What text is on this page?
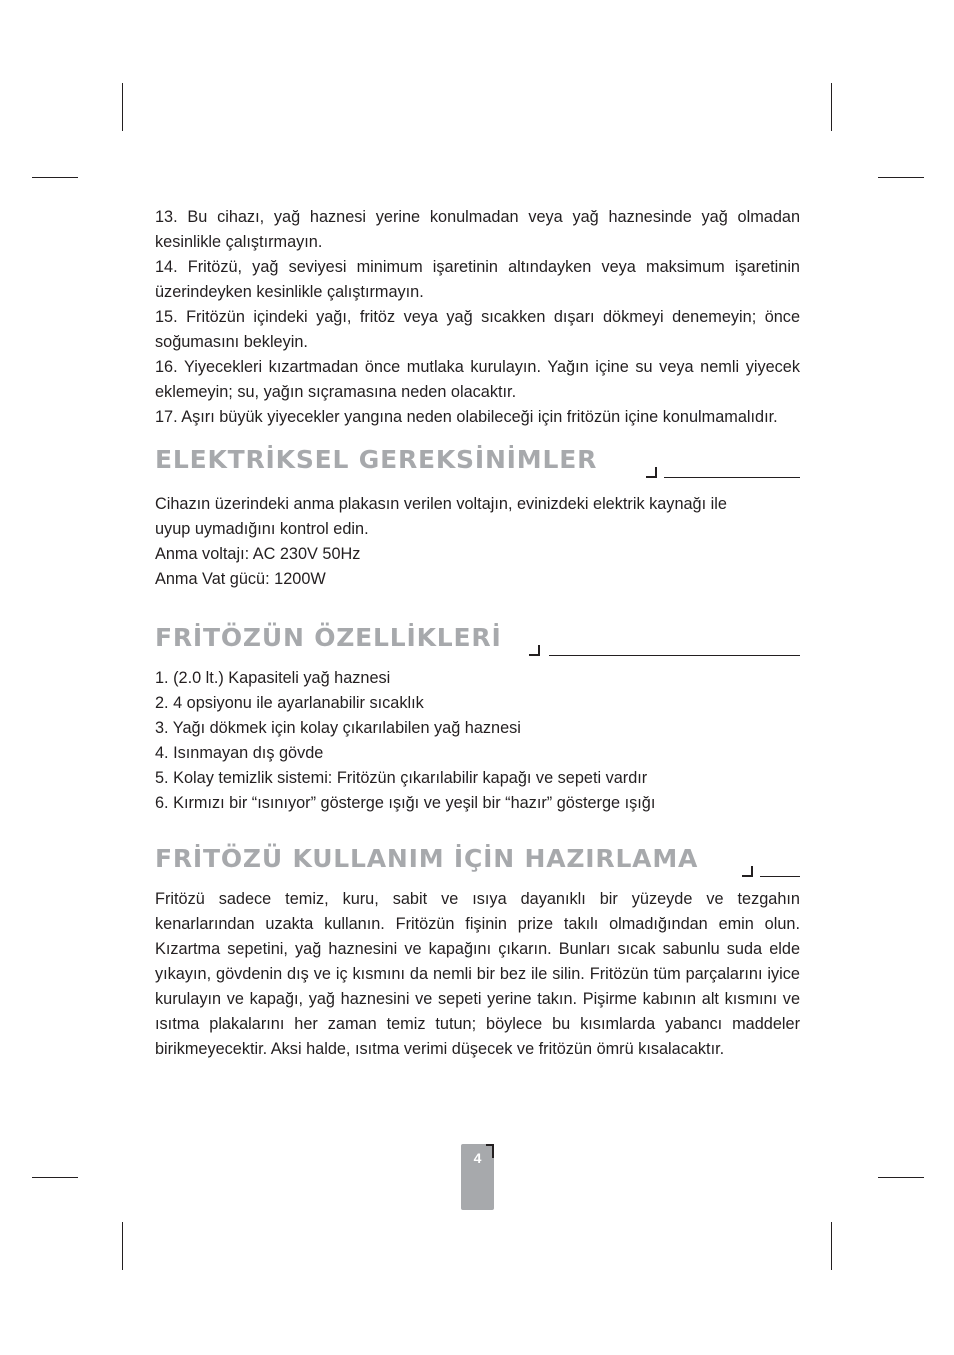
13. Bu cihazı, yağ haznesi yerine konulmadan veya yağ haznesinde yağ olmadan kesinlikle çalıştırmayın.

14. Fritözü, yağ seviyesi minimum işaretinin altındayken veya maksimum işaretinin üzerindeyken kesinlikle çalıştırmayın.

15. Fritözün içindeki yağı, fritöz veya yağ sıcakken dışarı dökmeyi denemeyin; önce soğumasını bekleyin.

16. Yiyecekleri kızartmadan önce mutlaka kurulayın. Yağın içine su veya nemli yiyecek eklemeyin; su, yağın sıçramasına neden olacaktır.

17. Aşırı büyük yiyecekler yangına neden olabileceği için fritözün içine konulmamalıdır.

ELEKTRİKSEL GEREKSİNİMLER

Cihazın üzerindeki anma plakasın verilen voltajın, evinizdeki elektrik kaynağı ile

uyup uymadığını kontrol edin.

Anma voltajı: AC 230V 50Hz

Anma Vat gücü: 1200W

FRİTÖZÜN ÖZELLİKLERİ

1. (2.0 lt.) Kapasiteli yağ haznesi

2. 4 opsiyonu ile ayarlanabilir sıcaklık

3. Yağı dökmek için kolay çıkarılabilen yağ haznesi

4. Isınmayan dış gövde

5. Kolay temizlik sistemi: Fritözün çıkarılabilir kapağı ve sepeti vardır

6. Kırmızı bir “ısınıyor” gösterge ışığı ve yeşil bir “hazır” gösterge ışığı

FRİTÖZÜ KULLANIM İÇİN HAZIRLAMA

Fritözü sadece temiz, kuru, sabit ve ısıya dayanıklı bir yüzeyde ve tezgahın kenarlarından uzakta kullanın. Fritözün fişinin prize takılı olmadığından emin olun. Kızartma sepetini, yağ haznesini ve kapağını çıkarın. Bunları sıcak sabunlu suda elde yıkayın, gövdenin dış ve iç kısmını da nemli bir bez ile silin. Fritözün tüm parçalarını iyice kurulayın ve kapağı, yağ haznesini ve sepeti yerine takın. Pişirme kabının alt kısmını ve ısıtma plakalarını her zaman temiz tutun; böylece bu kısımlarda yabancı maddeler birikmeyecektir. Aksi halde, ısıtma verimi düşecek ve fritözün ömrü kısalacaktır.

4
